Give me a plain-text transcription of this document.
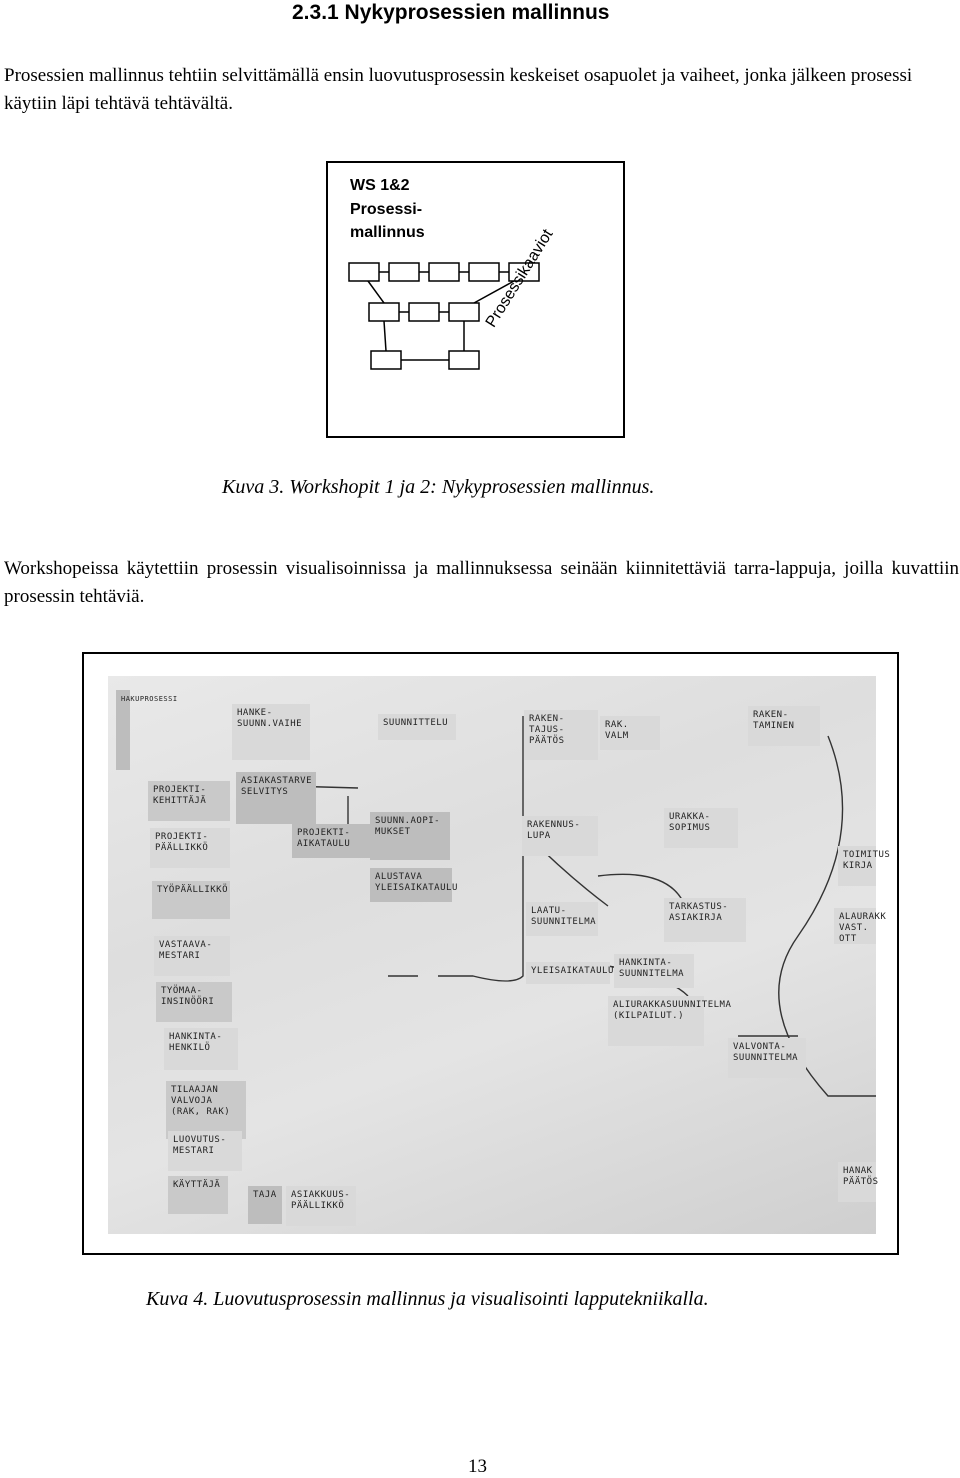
2.3.1 Nykyprosessien mallinnus
Prosessien mallinnus tehtiin selvittämällä ensin luovutusprosessin keskeiset osapuolet ja vaiheet, jonka jälkeen prosessi käytiin läpi tehtävä tehtävältä.
WS 1&2
Prosessi-
mallinnus	Prosessikaaviot
Kuva 3. Workshopit 1 ja 2: Nykyprosessien mallinnus.
Workshopeissa käytettiin prosessin visualisoinnissa ja mallinnuksessa seinään kiinnitettäviä tarra-lappuja, joilla kuvattiin prosessin tehtäviä.
PROJEKTI-
KEHITTÄJÄ
PROJEKTI-
PÄÄLLIKKÖ
TYÖPÄÄLLIKKÖ
VASTAAVA-
MESTARI
TYÖMAA-
INSINÖÖRI
HANKINTA-
HENKILÖ
TILAAJAN
VALVOJA
(RAK, RAK)
LUOVUTUS-
MESTARI
KÄYTTÄJÄ
ASIAKKUUS-
PÄÄLLIKKÖ
HANKE-
SUUNN.VAIHE	SUUNNITTELU	RAKEN-
TAJUS-
PÄÄTÖS
RAK.
VALM
RAKEN-
TAMINEN
ASIAKASTARVE
SELVITYS
PROJEKTI-
AIKATAULU
SUUNN.AOPI-
MUKSET
ALUSTAVA
YLEISAIKATAULU
RAKENNUS-
LUPA
URAKKA-
SOPIMUS
LAATU-
SUUNNITELMA
TARKASTUS-
ASIAKIRJA
YLEISAIKATAULU
HANKINTA-
SUUNNITELMA
ALIURAKKASUUNNITELMA
(KILPAILUT.)
VALVONTA-
SUUNNITELMA
TOIMITUS
KIRJA
ALAURAKK
VAST. OTT
HANAK
PÄÄTÖS
TAJA
HAKUPROSESSI
Kuva 4. Luovutusprosessin mallinnus ja visualisointi lapputekniikalla.
13
